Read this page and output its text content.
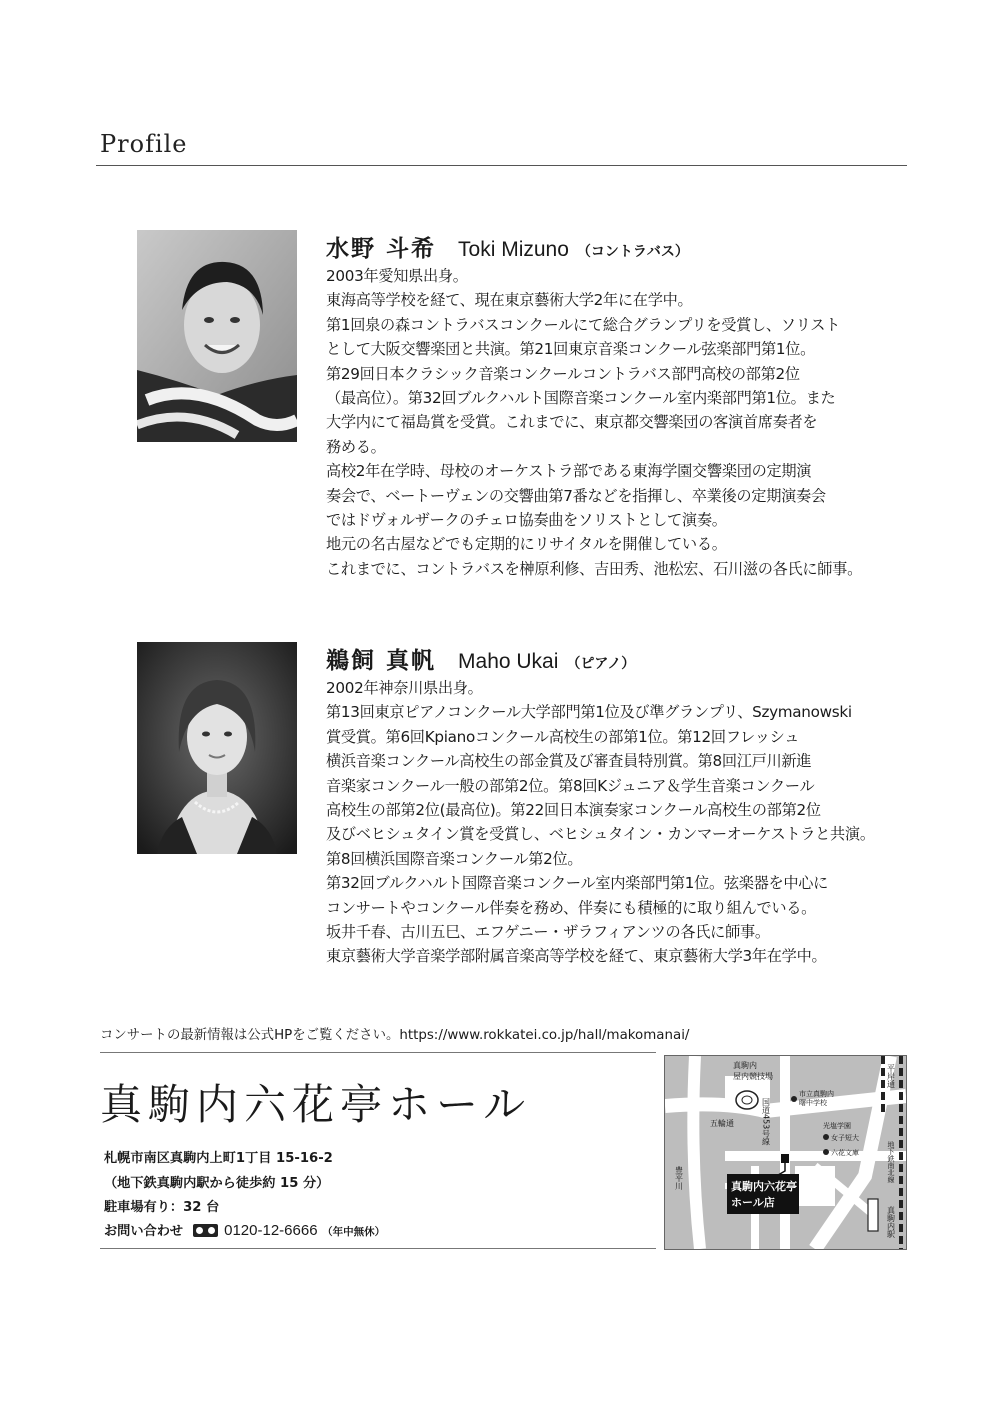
Profile
水野 斗希 Toki Mizuno （コントラバス）
2003年愛知県出身。
東海高等学校を経て、現在東京藝術大学2年に在学中。
第1回泉の森コントラバスコンクールにて総合グランプリを受賞し、ソリスト
として大阪交響楽団と共演。第21回東京音楽コンクール弦楽部門第1位。
第29回日本クラシック音楽コンクールコントラバス部門高校の部第2位
（最高位）。第32回ブルクハルト国際音楽コンクール室内楽部門第1位。また
大学内にて福島賞を受賞。これまでに、東京都交響楽団の客演首席奏者を
務める。
高校2年在学時、母校のオーケストラ部である東海学園交響楽団の定期演
奏会で、ベートーヴェンの交響曲第7番などを指揮し、卒業後の定期演奏会
ではドヴォルザークのチェロ協奏曲をソリストとして演奏。
地元の名古屋などでも定期的にリサイタルを開催している。
これまでに、コントラバスを榊原利修、吉田秀、池松宏、石川滋の各氏に師事。
鵜飼 真帆 Maho Ukai （ピアノ）
2002年神奈川県出身。
第13回東京ピアノコンクール大学部門第1位及び準グランプリ、Szymanowski
賞受賞。第6回Kpianoコンクール高校生の部第1位。第12回フレッシュ
横浜音楽コンクール高校生の部金賞及び審査員特別賞。第8回江戸川新進
音楽家コンクール一般の部第2位。第8回Kジュニア＆学生音楽コンクール
高校生の部第2位(最高位)。第22回日本演奏家コンクール高校生の部第2位
及びベヒシュタイン賞を受賞し、ベヒシュタイン・カンマーオーケストラと共演。
第8回横浜国際音楽コンクール第2位。
第32回ブルクハルト国際音楽コンクール室内楽部門第1位。弦楽器を中心に
コンサートやコンクール伴奏を務め、伴奏にも積極的に取り組んでいる。
坂井千春、古川五巳、エフゲニー・ザラフィアンツの各氏に師事。
東京藝術大学音楽学部附属音楽高等学校を経て、東京藝術大学3年在学中。
コンサートの最新情報は公式HPをご覧ください。https://www.rokkatei.co.jp/hall/makomanai/
真駒内六花亭ホール
札幌市南区真駒内上町1丁目 15-16-2
（地下鉄真駒内駅から徒歩約 15 分）
駐車場有り：32 台
お問い合わせ	0120-12-6666 （年中無休）
真駒内六花亭 ホール店
真駒内 屋内競技場
市立真駒内 曙中学校
光塩学園 女子短大
六花文庫
五輪通	国道453号線
豊平川
平岸通
地下鉄南北線
真駒内駅
